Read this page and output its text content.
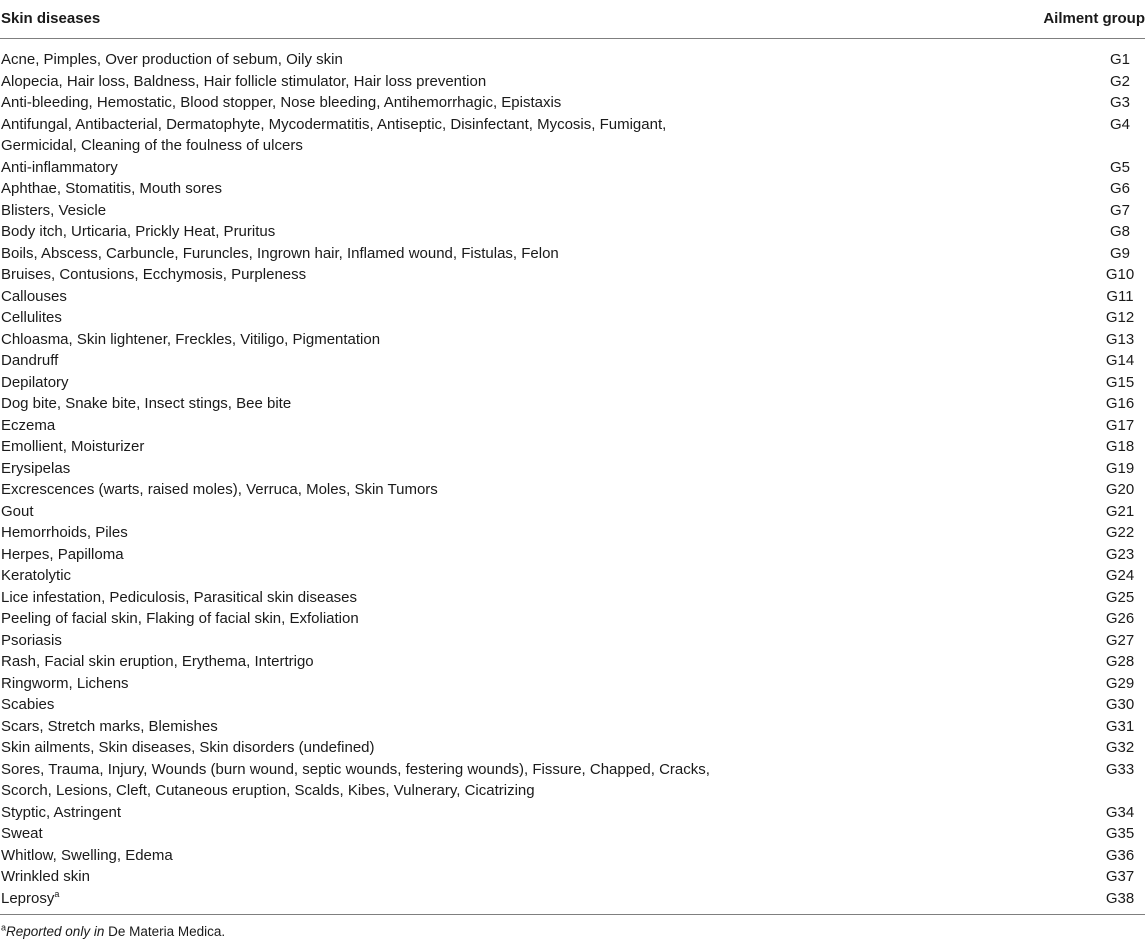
Skin diseases	Ailment group
Acne, Pimples, Over production of sebum, Oily skin	G1
Alopecia, Hair loss, Baldness, Hair follicle stimulator, Hair loss prevention	G2
Anti-bleeding, Hemostatic, Blood stopper, Nose bleeding, Antihemorrhagic, Epistaxis	G3
Antifungal, Antibacterial, Dermatophyte, Mycodermatitis, Antiseptic, Disinfectant, Mycosis, Fumigant, Germicidal, Cleaning of the foulness of ulcers	G4
Anti-inflammatory	G5
Aphthae, Stomatitis, Mouth sores	G6
Blisters, Vesicle	G7
Body itch, Urticaria, Prickly Heat, Pruritus	G8
Boils, Abscess, Carbuncle, Furuncles, Ingrown hair, Inflamed wound, Fistulas, Felon	G9
Bruises, Contusions, Ecchymosis, Purpleness	G10
Callouses	G11
Cellulites	G12
Chloasma, Skin lightener, Freckles, Vitiligo, Pigmentation	G13
Dandruff	G14
Depilatory	G15
Dog bite, Snake bite, Insect stings, Bee bite	G16
Eczema	G17
Emollient, Moisturizer	G18
Erysipelas	G19
Excrescences (warts, raised moles), Verruca, Moles, Skin Tumors	G20
Gout	G21
Hemorrhoids, Piles	G22
Herpes, Papilloma	G23
Keratolytic	G24
Lice infestation, Pediculosis, Parasitical skin diseases	G25
Peeling of facial skin, Flaking of facial skin, Exfoliation	G26
Psoriasis	G27
Rash, Facial skin eruption, Erythema, Intertrigo	G28
Ringworm, Lichens	G29
Scabies	G30
Scars, Stretch marks, Blemishes	G31
Skin ailments, Skin diseases, Skin disorders (undefined)	G32
Sores, Trauma, Injury, Wounds (burn wound, septic wounds, festering wounds), Fissure, Chapped, Cracks, Scorch, Lesions, Cleft, Cutaneous eruption, Scalds, Kibes, Vulnerary, Cicatrizing	G33
Styptic, Astringent	G34
Sweat	G35
Whitlow, Swelling, Edema	G36
Wrinkled skin	G37
Leprosy$^a$	G38
$^a$Reported only in De Materia Medica.
